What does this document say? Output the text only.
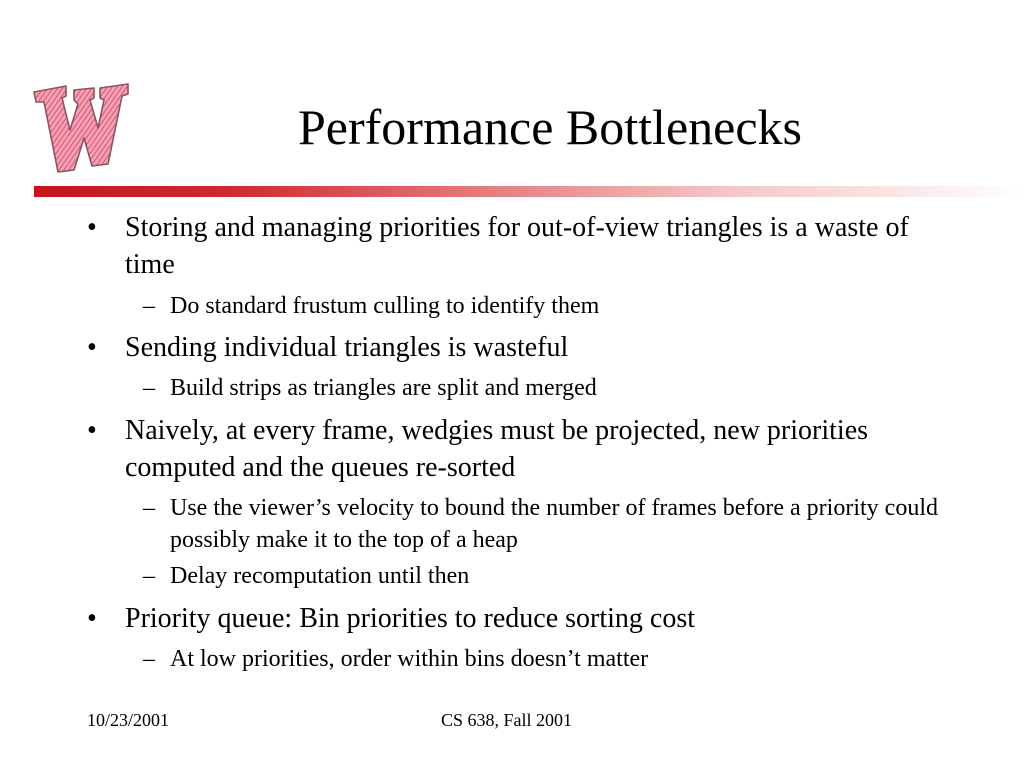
Performance Bottlenecks
• Storing and managing priorities for out-of-view triangles is a waste of time
– Do standard frustum culling to identify them
• Sending individual triangles is wasteful
– Build strips as triangles are split and merged
• Naively, at every frame, wedgies must be projected, new priorities computed and the queues re-sorted
– Use the viewer’s velocity to bound the number of frames before a priority could possibly make it to the top of a heap
– Delay recomputation until then
• Priority queue: Bin priorities to reduce sorting cost
– At low priorities, order within bins doesn’t matter
10/23/2001	CS 638, Fall 2001
